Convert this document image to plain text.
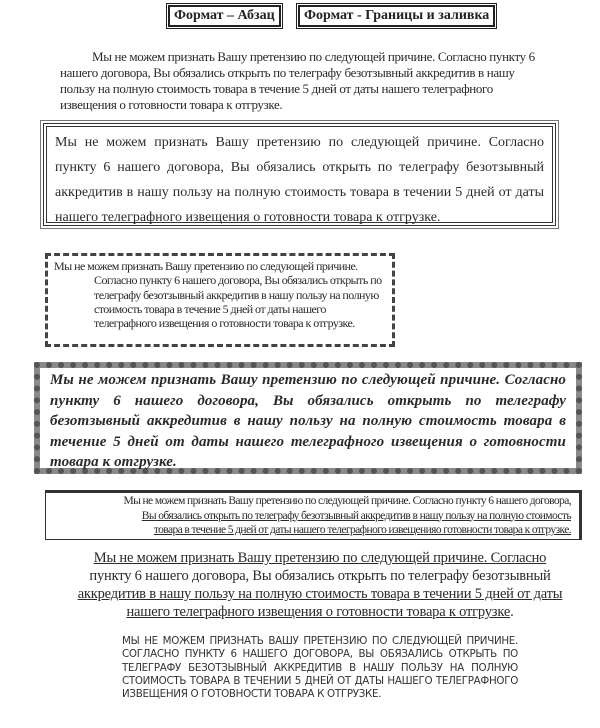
Формат – Абзац	Формат - Границы и заливка

Мы не можем признать Вашу претензию по следующей причине. Согласно пункту 6 нашего договора, Вы обязались открыть по телеграфу безотзывный аккредитив в нашу пользу на полную стоимость товара в течение 5 дней от даты нашего телеграфного извещения о готовности товара к отгрузке.

Мы не можем признать Вашу претензию по следующей причине. Согласно пункту 6 нашего договора, Вы обязались открыть по телеграфу безотзывный аккредитив в нашу пользу на полную стоимость товара в течении 5 дней от даты нашего телеграфного извещения о готовности товара к отгрузке.

Мы не можем признать Вашу претензию по следующей причине. Согласно пункту 6 нашего договора, Вы обязались открыть по телеграфу безотзывный аккредитив в нашу пользу на полную стоимость товара в течение 5 дней от даты нашего телеграфного извещения о готовности товара к отгрузке.

Мы не можем признать Вашу претензию по следующей причине. Согласно пункту 6 нашего договора, Вы обязались открыть по телеграфу безотзывный аккредитив в нашу пользу на полную стоимость товара в течение 5 дней от даты нашего телеграфного извещения о готовности товара к отгрузке.

Мы не можем признать Вашу претензию по следующей причине. Согласно пункту 6 нашего договора,
Вы обязались открыть по телеграфу безотзывный аккредитив в нашу пользу на полную стоимость
товара в течение 5 дней от даты нашего телеграфного извещенияо готовности товара к отгрузке.

Мы не можем признать Вашу претензию по следующей причине. Согласно
пункту 6 нашего договора, Вы обязались открыть по телеграфу безотзывный
аккредитив в нашу пользу на полную стоимость товара в течении 5 дней от даты
нашего телеграфного извещения о готовности товара к отгрузке.

МЫ НЕ МОЖЕМ ПРИЗНАТЬ ВАШУ ПРЕТЕНЗИЮ ПО СЛЕДУЮЩЕЙ ПРИЧИНЕ. СОГЛАСНО ПУНКТУ 6 НАШЕГО ДОГОВОРА, ВЫ ОБЯЗАЛИСЬ ОТКРЫТЬ ПО ТЕЛЕГРАФУ БЕЗОТЗЫВНЫЙ АККРЕДИТИВ В НАШУ ПОЛЬЗУ НА ПОЛНУЮ СТОИМОСТЬ ТОВАРА В ТЕЧЕНИИ 5 ДНЕЙ ОТ ДАТЫ НАШЕГО ТЕЛЕГРАФНОГО ИЗВЕЩЕНИЯ О ГОТОВНОСТИ ТОВАРА К ОТГРУЗКЕ.
